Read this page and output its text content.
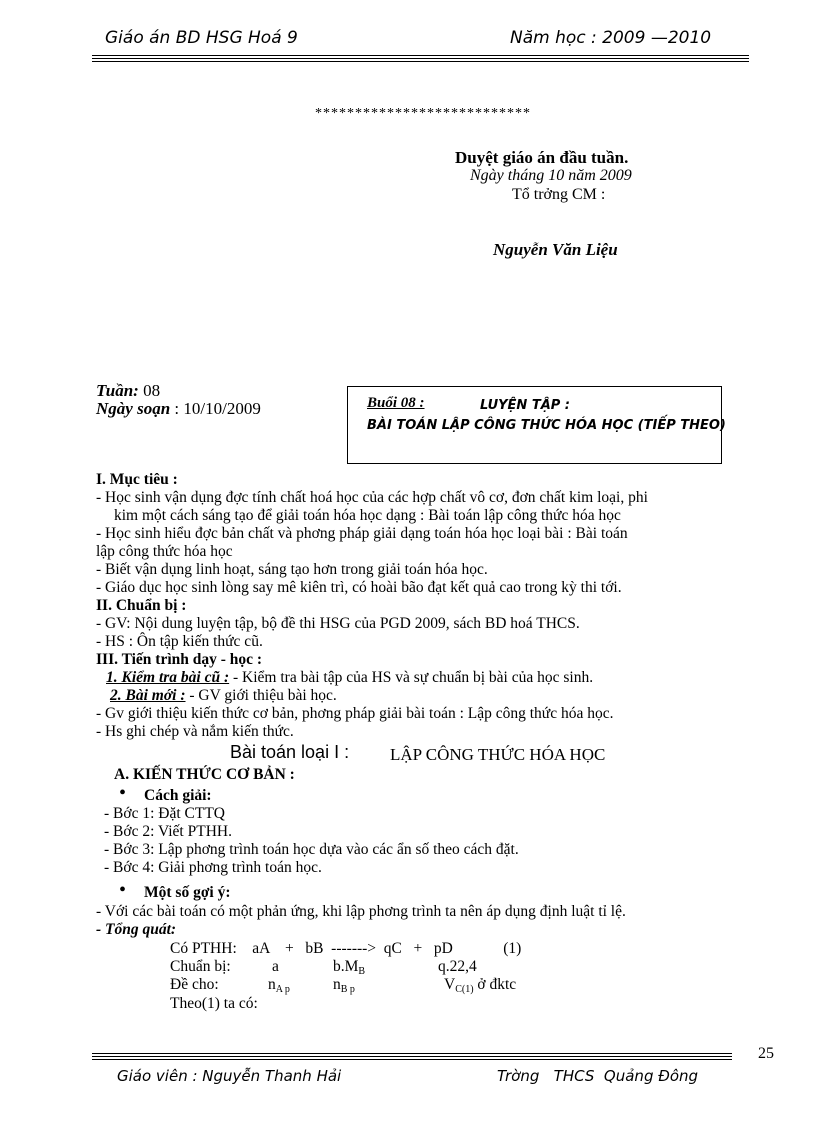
Giáo án BD HSG Hoá 9	Năm học : 2009 —2010
***************************
Duyệt giáo án đầu tuần.
Ngày tháng 10 năm 2009
Tổ trởng CM :
Nguyễn Văn Liệu
Tuần: 08
Ngày soạn : 10/10/2009	Buổi 08 :	LUYỆN TẬP :
BÀI TOÁN LẬP CÔNG THỨC HÓA HỌC (TIẾP THEO)
I. Mục tiêu :
- Học sinh vận dụng đợc tính chất hoá học của các hợp chất vô cơ, đơn chất kim loại, phi
kim một cách sáng tạo để giải toán hóa học dạng : Bài toán lập công thức hóa học
- Học sinh hiểu đợc bản chất và phơng pháp giải dạng toán hóa học loại bài : Bài toán
lập công thức hóa học
- Biết vận dụng linh hoạt, sáng tạo hơn trong giải toán hóa học.
- Giáo dục học sinh lòng say mê kiên trì, có hoài bão đạt kết quả cao trong kỳ thi tới.
II. Chuẩn bị :
- GV: Nội dung luyện tập, bộ đề thi HSG của PGD 2009, sách BD hoá THCS.
- HS : Ôn tập kiến thức cũ.
III. Tiến trình dạy - học :
1. Kiểm tra bài cũ : - Kiểm tra bài tập của HS và sự chuẩn bị bài của học sinh.
2. Bài mới : - GV giới thiệu bài học.
- Gv giới thiệu kiến thức cơ bản, phơng pháp giải bài toán : Lập công thức hóa học.
- Hs ghi chép và nắm kiến thức.
Bài toán loại I : LẬP CÔNG THỨC HÓA HỌC
A. KIẾN THỨC CƠ BẢN :
• Cách giải:
- Bớc 1: Đặt CTTQ
- Bớc 2: Viết PTHH.
- Bớc 3: Lập phơng trình toán học dựa vào các ẩn số theo cách đặt.
- Bớc 4: Giải phơng trình toán học.
• Một số gợi ý:
- Với các bài toán có một phản ứng, khi lập phơng trình ta nên áp dụng định luật tỉ lệ.
- Tổng quát:
Có PTHH:    aA    +   bB  ------->  qC   +   pD             (1)
Chuẩn bị:	a	$b.M_B$	q.22,4
Đề cho:	$n_{A p}$	$n_{B p}$	$V_{C(1)}$ ở đktc
Theo(1) ta có:
25
Giáo viên : Nguyễn Thanh Hải	Trờng   THCS  Quảng Đông
